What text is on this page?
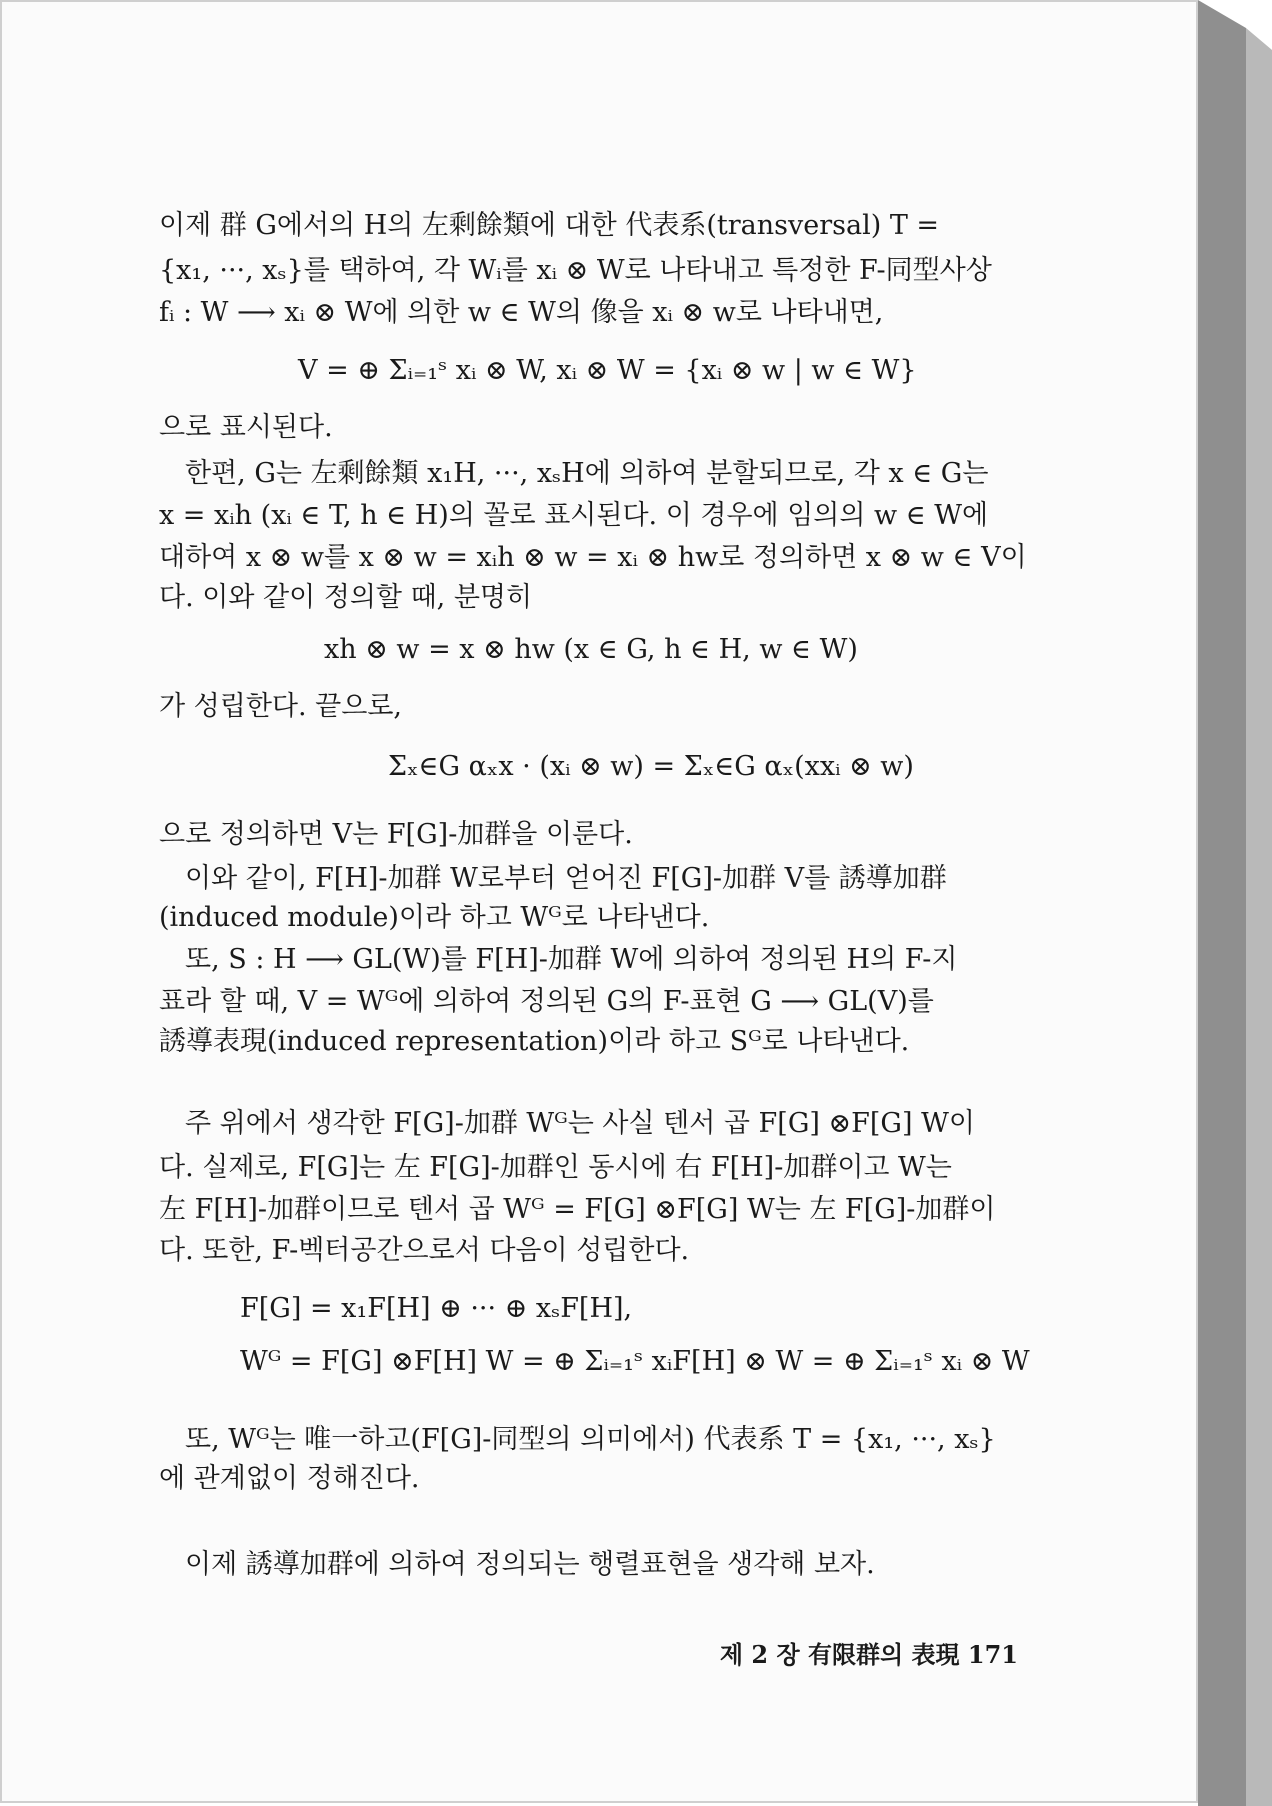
이제 群 G에서의 H의 左剩餘類에 대한 代表系(transversal) T =
{x₁, ···, xₛ}를 택하여, 각 Wᵢ를 xᵢ ⊗ W로 나타내고 특정한 F-同型사상
fᵢ : W ⟶ xᵢ ⊗ W에 의한 w ∈ W의 像을 xᵢ ⊗ w로 나타내면,
V = ⊕ Σᵢ₌₁ˢ xᵢ ⊗ W, xᵢ ⊗ W = {xᵢ ⊗ w | w ∈ W}
으로 표시된다.
한편, G는 左剩餘類 x₁H, ···, xₛH에 의하여 분할되므로, 각 x ∈ G는
x = xᵢh (xᵢ ∈ T, h ∈ H)의 꼴로 표시된다. 이 경우에 임의의 w ∈ W에
대하여 x ⊗ w를 x ⊗ w = xᵢh ⊗ w = xᵢ ⊗ hw로 정의하면 x ⊗ w ∈ V이
다. 이와 같이 정의할 때, 분명히
xh ⊗ w = x ⊗ hw (x ∈ G, h ∈ H, w ∈ W)
가 성립한다. 끝으로,
Σₓ∈G αₓx · (xᵢ ⊗ w) = Σₓ∈G αₓ(xxᵢ ⊗ w)
으로 정의하면 V는 F[G]-加群을 이룬다.
이와 같이, F[H]-加群 W로부터 얻어진 F[G]-加群 V를 誘導加群
(induced module)이라 하고 Wᴳ로 나타낸다.
또, S : H ⟶ GL(W)를 F[H]-加群 W에 의하여 정의된 H의 F-지
표라 할 때, V = Wᴳ에 의하여 정의된 G의 F-표현 G ⟶ GL(V)를
誘導表現(induced representation)이라 하고 Sᴳ로 나타낸다.
주 위에서 생각한 F[G]-加群 Wᴳ는 사실 텐서 곱 F[G] ⊗F[G] W이
다. 실제로, F[G]는 左 F[G]-加群인 동시에 右 F[H]-加群이고 W는
左 F[H]-加群이므로 텐서 곱 Wᴳ = F[G] ⊗F[G] W는 左 F[G]-加群이
다. 또한, F-벡터공간으로서 다음이 성립한다.
F[G] = x₁F[H] ⊕ ··· ⊕ xₛF[H],
Wᴳ = F[G] ⊗F[H] W = ⊕ Σᵢ₌₁ˢ xᵢF[H] ⊗ W = ⊕ Σᵢ₌₁ˢ xᵢ ⊗ W
또, Wᴳ는 唯一하고(F[G]-同型의 의미에서) 代表系 T = {x₁, ···, xₛ}
에 관계없이 정해진다.
이제 誘導加群에 의하여 정의되는 행렬표현을 생각해 보자.
제 2 장 有限群의 表現 171
